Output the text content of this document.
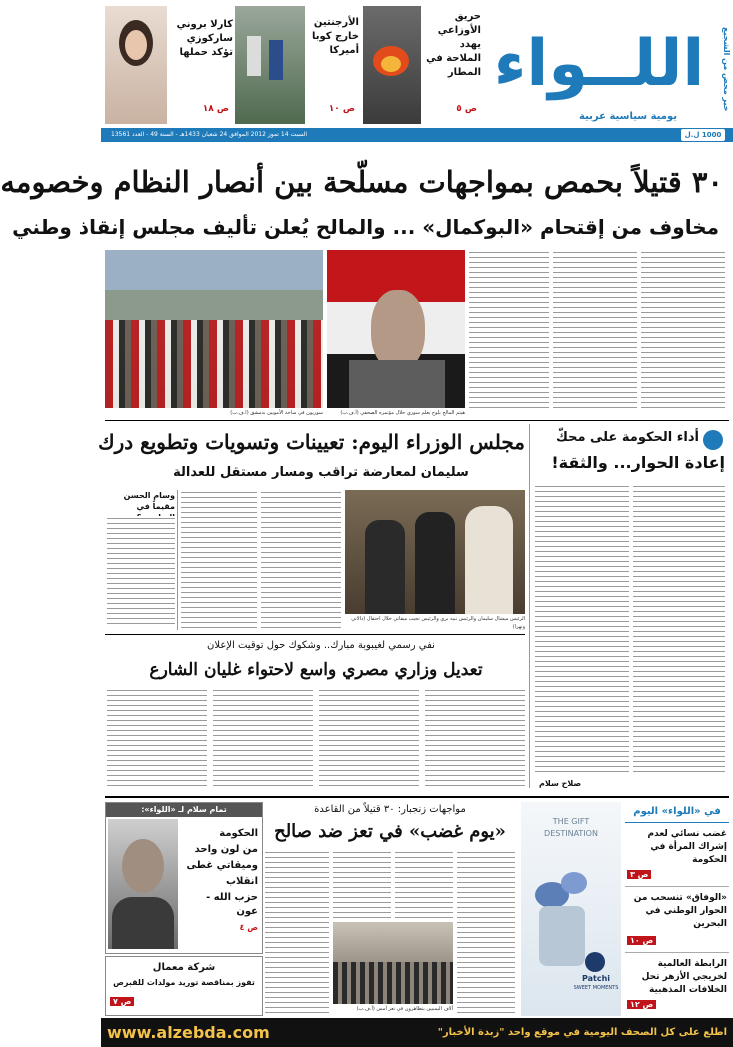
خير محض من الشجيع
اللــواء
يومية سياسية عربية
حريق الأوزاعي يهدد الملاحة في المطار
ص ٥
الأرجنتين خارج كوبا أميركا
ص ١٠
كارلا بروني ساركوزي تؤكد حملها
ص ١٨
السبت 14 تموز 2012 الموافق 24 شعبان 1433هـ - السنة 49 - العدد 13561	1000 ل.ل
٣٠ قتيلاً بحمص بمواجهات مسلّحة بين أنصار النظام وخصومه
مخاوف من إقتحام «البوكمال» ... والمالح يُعلن تأليف مجلس إنقاذ وطني
هيثم المالح يلوح بعلم سوري خلال مؤتمره الصحفي (أ.ف.ب)
سوريون في ساحة الأمويين بدمشق (ا.ف.ب)
أداء الحكومة على محكّ
إعادة الحوار... والثقة!
صلاح سلام
مجلس الوزراء اليوم: تعيينات وتسويات وتطويع درك
سليمان لمعارضة تراقب ومسار مستقل للعدالة
الرئيس ميشال سليمان والرئيس نبيه بري والرئيس نجيب ميقاتي خلال احتفال (دالاتي ونهرا)
وسام الحسن مقيماً في
نفي رسمي لغيبوبة مبارك.. وشكوك حول توقيت الإعلان
تعديل وزاري مصري واسع لاحتواء غليان الشارع
في «اللواء» اليوم
غضب نسائي لعدم إشراك المرأة في الحكومة
ص ٣
«الوفاق» تنسحب من الحوار الوطني في البحرين
ص ١٠
الرابطة العالمية لخريجي الأزهر تحل الخلافات المذهبية
ص ١٢
THE GIFT DESTINATION
Patchi
SWEET MOMENTS
مواجهات زنجبار: ٣٠ قتيلاً من القاعدة
«يوم غضب» في تعز ضد صالح
آلاف اليمنيين يتظاهرون في تعز أمس (أ.ف.ب)
تمام سلام لـ «اللواء»:
الحكومة
من لون واحد
وميقاتي غطى
انقلاب
حزب الله - عون
ص ٤
شركة معمال
تفوز بمناقصة توريد مولدات للقبرص
ص ٧
www.alzebda.com	اطلع على كل الصحف اليومية في موقع واحد "زبدة الأخبار"
